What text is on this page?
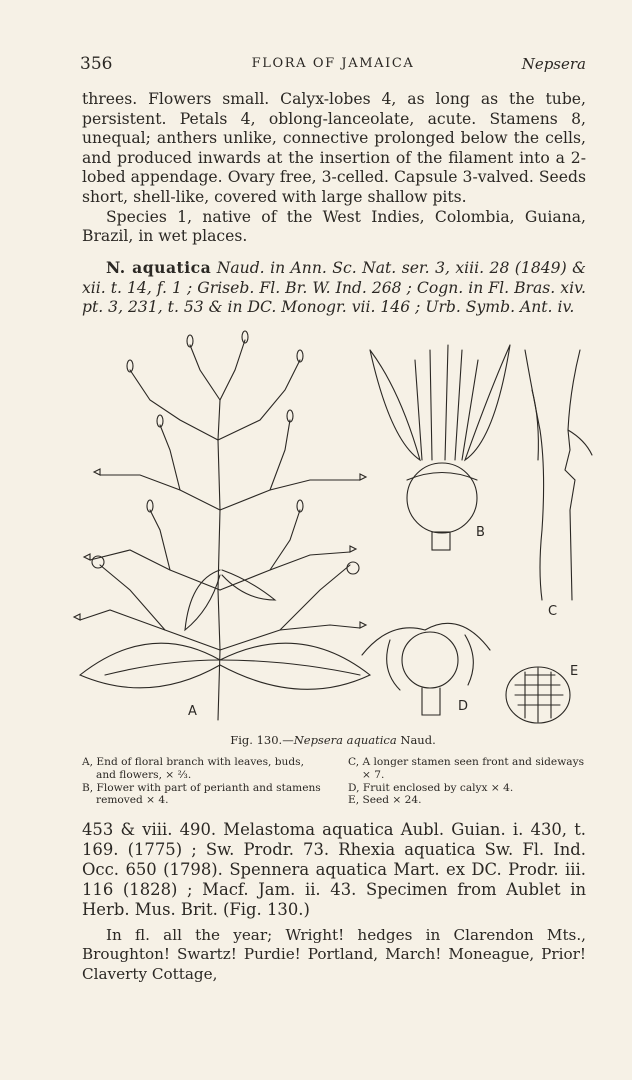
356	FLORA OF JAMAICA	Nepsera

threes. Flowers small. Calyx-lobes 4, as long as the tube, persistent. Petals 4, oblong-lanceolate, acute. Stamens 8, unequal; anthers unlike, connective prolonged below the cells, and produced inwards at the insertion of the filament into a 2-lobed appendage. Ovary free, 3-celled. Capsule 3-valved. Seeds short, shell-like, covered with large shallow pits.

Species 1, native of the West Indies, Colombia, Guiana, Brazil, in wet places.

N. aquatica Naud. in Ann. Sc. Nat. ser. 3, xiii. 28 (1849) & xii. t. 14, f. 1 ; Griseb. Fl. Br. W. Ind. 268 ; Cogn. in Fl. Bras. xiv. pt. 3, 231, t. 53 & in DC. Monogr. vii. 146 ; Urb. Symb. Ant. iv.

A
B
C
D
E
Fig. 130.—Nepsera aquatica Naud.

A, End of floral branch with leaves, buds, and flowers, × ⅔.

B, Flower with part of perianth and stamens removed × 4.

C, A longer stamen seen front and sideways × 7.

D, Fruit enclosed by calyx × 4.

E, Seed × 24.

453 & viii. 490. Melastoma aquatica Aubl. Guian. i. 430, t. 169. (1775) ; Sw. Prodr. 73. Rhexia aquatica Sw. Fl. Ind. Occ. 650 (1798). Spennera aquatica Mart. ex DC. Prodr. iii. 116 (1828) ; Macf. Jam. ii. 43. Specimen from Aublet in Herb. Mus. Brit. (Fig. 130.)

In fl. all the year; Wright! hedges in Clarendon Mts., Broughton! Swartz! Purdie! Portland, March! Moneague, Prior! Claverty Cottage,
